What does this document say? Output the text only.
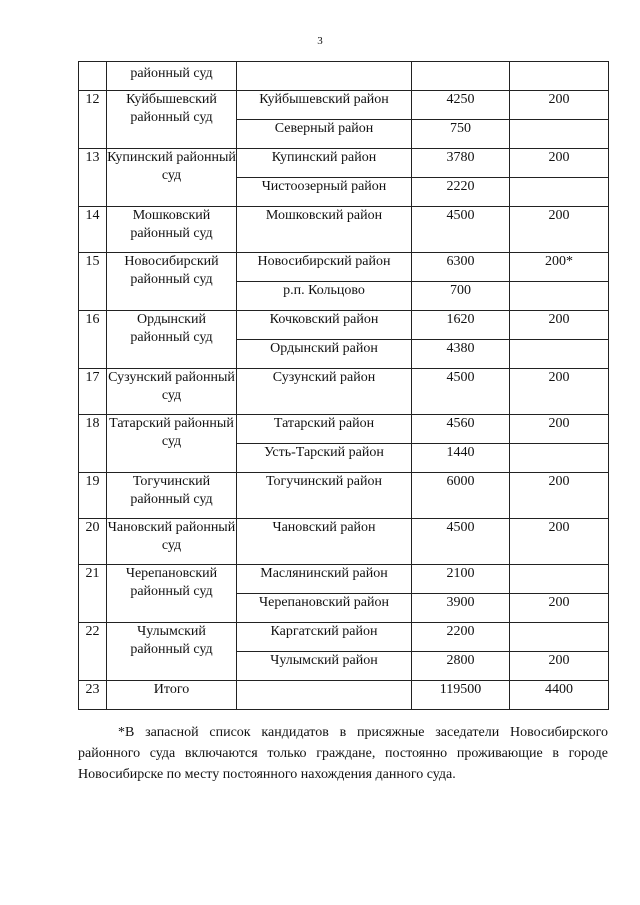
3
	районный суд			
12	Куйбышевский районный суд	Куйбышевский район	4250	200
		Северный район	750	
13	Купинский районный суд	Купинский район	3780	200
		Чистоозерный район	2220	
14	Мошковский районный суд	Мошковский район	4500	200
15	Новосибирский районный суд	Новосибирский район	6300	200*
		р.п. Кольцово	700	
16	Ордынский районный суд	Кочковский район	1620	200
		Ордынский район	4380	
17	Сузунский районный суд	Сузунский район	4500	200
18	Татарский районный суд	Татарский район	4560	200
		Усть-Тарский район	1440	
19	Тогучинский районный суд	Тогучинский район	6000	200
20	Чановский районный суд	Чановский район	4500	200
21	Черепановский районный суд	Маслянинский район	2100	
		Черепановский район	3900	200
22	Чулымский районный суд	Каргатский район	2200	
		Чулымский район	2800	200
23	Итого		119500	4400

*В запасной список кандидатов в присяжные заседатели Новосибирского районного суда включаются только граждане, постоянно проживающие в городе Новосибирске по месту постоянного нахождения данного суда.
